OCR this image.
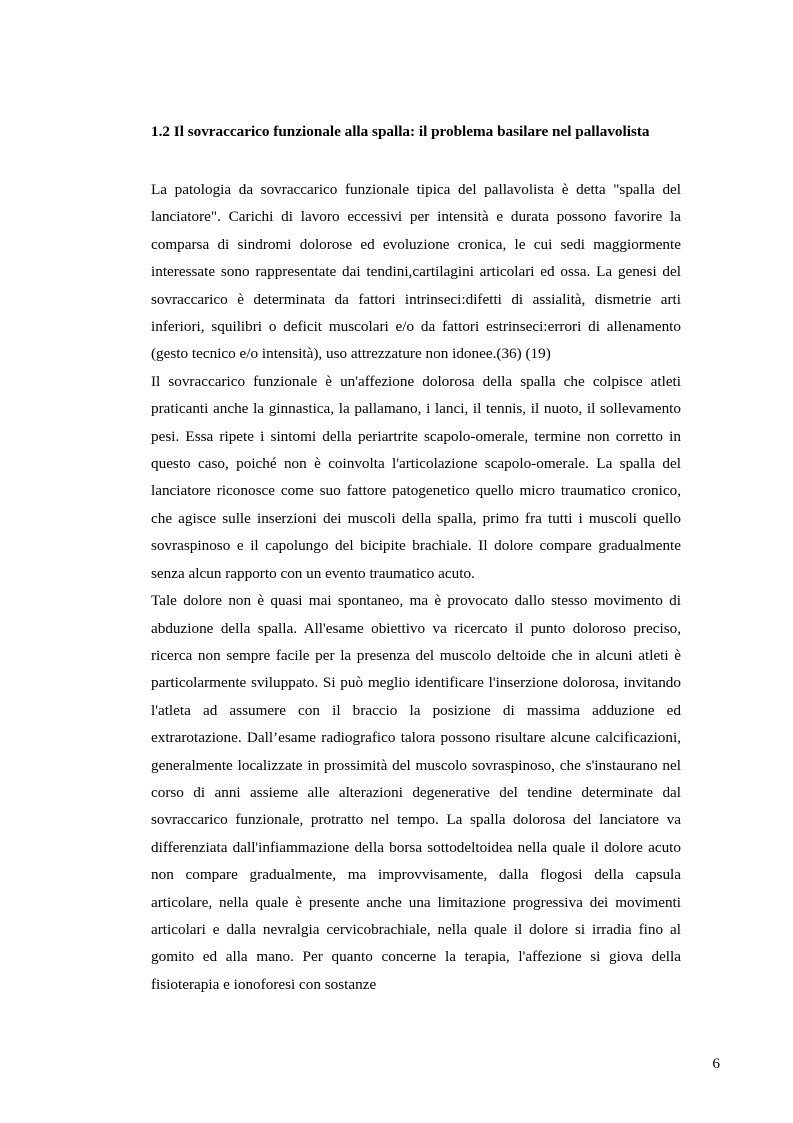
1.2 Il sovraccarico funzionale alla spalla: il problema basilare nel pallavolista

La patologia da sovraccarico funzionale tipica del pallavolista è detta "spalla del lanciatore". Carichi di lavoro eccessivi per intensità e durata possono favorire la comparsa di sindromi dolorose ed evoluzione cronica, le cui sedi maggiormente interessate sono rappresentate dai tendini,cartilagini articolari ed ossa. La genesi del sovraccarico è determinata da fattori intrinseci:difetti di assialità, dismetrie arti inferiori, squilibri o deficit muscolari e/o da fattori estrinseci:errori di allenamento (gesto tecnico e/o intensità), uso attrezzature non idonee.(36) (19)

Il sovraccarico funzionale è un'affezione dolorosa della spalla che colpisce atleti praticanti anche la ginnastica, la pallamano, i lanci, il tennis, il nuoto, il sollevamento pesi. Essa ripete i sintomi della periartrite scapolo-omerale, termine non corretto in questo caso, poiché non è coinvolta l'articolazione scapolo-omerale. La spalla del lanciatore riconosce come suo fattore patogenetico quello micro traumatico cronico, che agisce sulle inserzioni dei muscoli della spalla, primo fra tutti i muscoli quello sovraspinoso e il capolungo del bicipite brachiale. Il dolore compare gradualmente senza alcun rapporto con un evento traumatico acuto.

Tale dolore non è quasi mai spontaneo, ma è provocato dallo stesso movimento di abduzione della spalla. All'esame obiettivo va ricercato il punto doloroso preciso, ricerca non sempre facile per la presenza del muscolo deltoide che in alcuni atleti è particolarmente sviluppato. Si può meglio identificare l'inserzione dolorosa, invitando l'atleta ad assumere con il braccio la posizione di massima adduzione ed extrarotazione. Dall’esame radiografico talora possono risultare alcune calcificazioni, generalmente localizzate in prossimità del muscolo sovraspinoso, che s'instaurano nel corso di anni assieme alle alterazioni degenerative del tendine determinate dal sovraccarico funzionale, protratto nel tempo. La spalla dolorosa del lanciatore va differenziata dall'infiammazione della borsa sottodeltoidea nella quale il dolore acuto non compare gradualmente, ma improvvisamente, dalla flogosi della capsula articolare, nella quale è presente anche una limitazione progressiva dei movimenti articolari e dalla nevralgia cervicobrachiale, nella quale il dolore si irradia fino al gomito ed alla mano. Per quanto concerne la terapia, l'affezione si giova della fisioterapia e ionoforesi con sostanze

6
